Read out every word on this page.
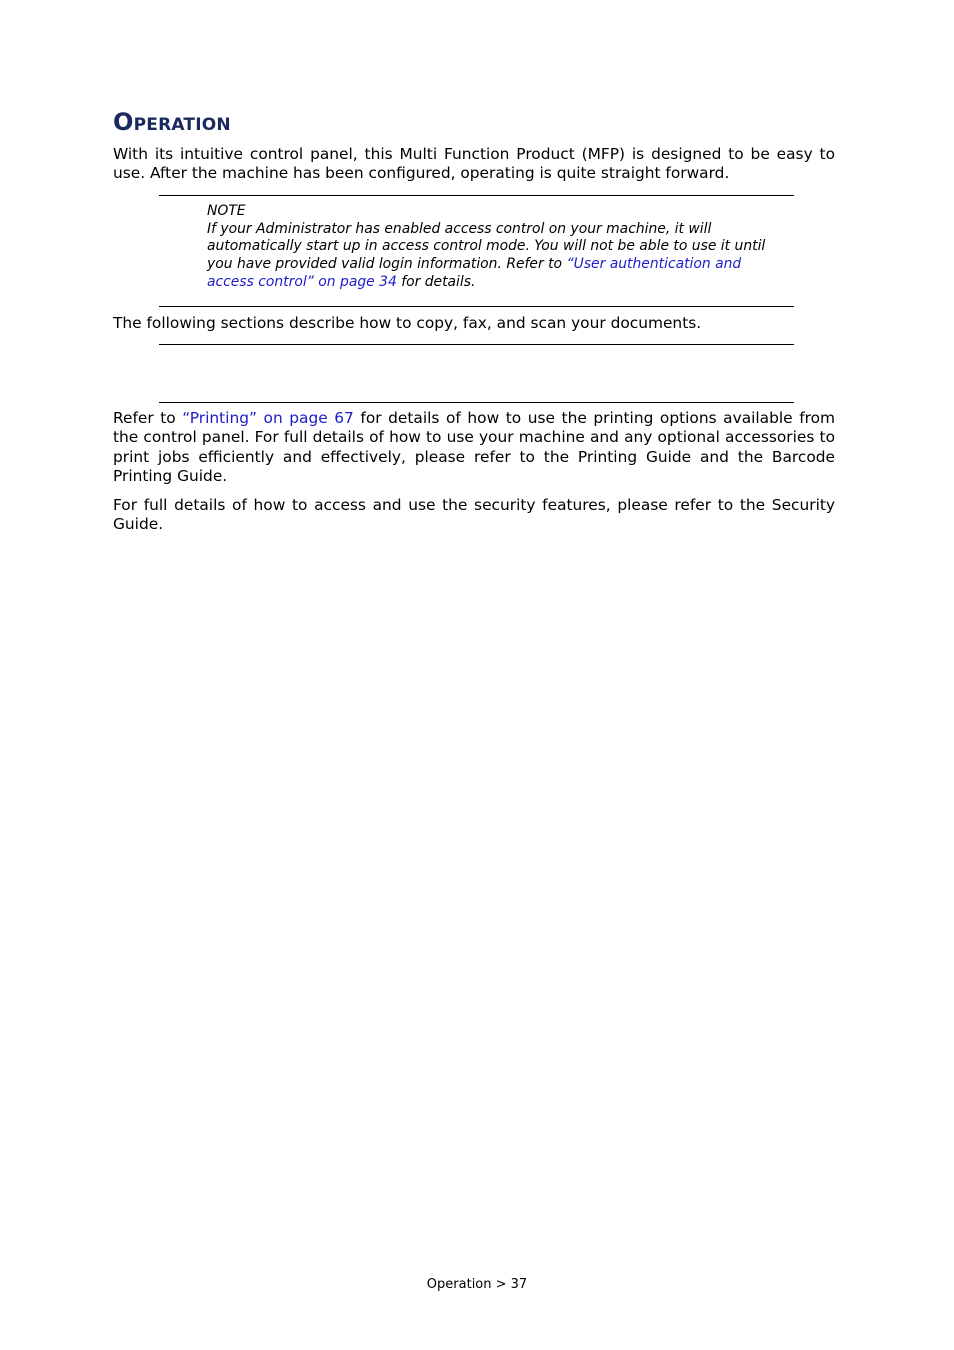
Operation

With its intuitive control panel, this Multi Function Product (MFP) is designed to be easy to use. After the machine has been configured, operating is quite straight forward.

NOTE
If your Administrator has enabled access control on your machine, it will automatically start up in access control mode. You will not be able to use it until you have provided valid login information. Refer to “User authentication and access control” on page 34 for details.

The following sections describe how to copy, fax, and scan your documents.

Refer to “Printing” on page 67 for details of how to use the printing options available from the control panel. For full details of how to use your machine and any optional accessories to print jobs efficiently and effectively, please refer to the Printing Guide and the Barcode Printing Guide.

For full details of how to access and use the security features, please refer to the Security Guide.

Operation > 37
